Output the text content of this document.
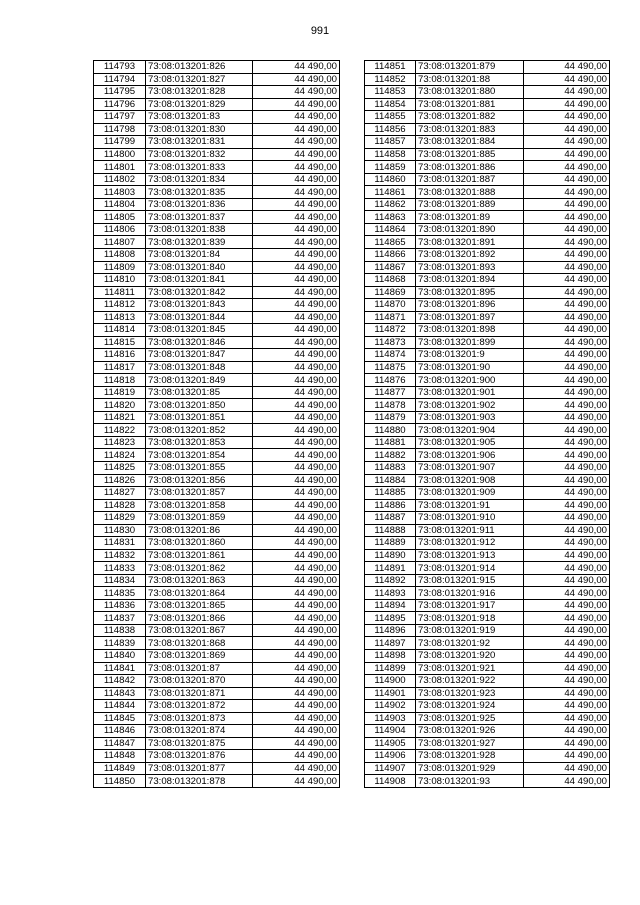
991
114793	73:08:013201:826	44 490,00
114794	73:08:013201:827	44 490,00
114795	73:08:013201:828	44 490,00
114796	73:08:013201:829	44 490,00
114797	73:08:013201:83	44 490,00
114798	73:08:013201:830	44 490,00
114799	73:08:013201:831	44 490,00
114800	73:08:013201:832	44 490,00
114801	73:08:013201:833	44 490,00
114802	73:08:013201:834	44 490,00
114803	73:08:013201:835	44 490,00
114804	73:08:013201:836	44 490,00
114805	73:08:013201:837	44 490,00
114806	73:08:013201:838	44 490,00
114807	73:08:013201:839	44 490,00
114808	73:08:013201:84	44 490,00
114809	73:08:013201:840	44 490,00
114810	73:08:013201:841	44 490,00
114811	73:08:013201:842	44 490,00
114812	73:08:013201:843	44 490,00
114813	73:08:013201:844	44 490,00
114814	73:08:013201:845	44 490,00
114815	73:08:013201:846	44 490,00
114816	73:08:013201:847	44 490,00
114817	73:08:013201:848	44 490,00
114818	73:08:013201:849	44 490,00
114819	73:08:013201:85	44 490,00
114820	73:08:013201:850	44 490,00
114821	73:08:013201:851	44 490,00
114822	73:08:013201:852	44 490,00
114823	73:08:013201:853	44 490,00
114824	73:08:013201:854	44 490,00
114825	73:08:013201:855	44 490,00
114826	73:08:013201:856	44 490,00
114827	73:08:013201:857	44 490,00
114828	73:08:013201:858	44 490,00
114829	73:08:013201:859	44 490,00
114830	73:08:013201:86	44 490,00
114831	73:08:013201:860	44 490,00
114832	73:08:013201:861	44 490,00
114833	73:08:013201:862	44 490,00
114834	73:08:013201:863	44 490,00
114835	73:08:013201:864	44 490,00
114836	73:08:013201:865	44 490,00
114837	73:08:013201:866	44 490,00
114838	73:08:013201:867	44 490,00
114839	73:08:013201:868	44 490,00
114840	73:08:013201:869	44 490,00
114841	73:08:013201:87	44 490,00
114842	73:08:013201:870	44 490,00
114843	73:08:013201:871	44 490,00
114844	73:08:013201:872	44 490,00
114845	73:08:013201:873	44 490,00
114846	73:08:013201:874	44 490,00
114847	73:08:013201:875	44 490,00
114848	73:08:013201:876	44 490,00
114849	73:08:013201:877	44 490,00
114850	73:08:013201:878	44 490,00
114851	73:08:013201:879	44 490,00
114852	73:08:013201:88	44 490,00
114853	73:08:013201:880	44 490,00
114854	73:08:013201:881	44 490,00
114855	73:08:013201:882	44 490,00
114856	73:08:013201:883	44 490,00
114857	73:08:013201:884	44 490,00
114858	73:08:013201:885	44 490,00
114859	73:08:013201:886	44 490,00
114860	73:08:013201:887	44 490,00
114861	73:08:013201:888	44 490,00
114862	73:08:013201:889	44 490,00
114863	73:08:013201:89	44 490,00
114864	73:08:013201:890	44 490,00
114865	73:08:013201:891	44 490,00
114866	73:08:013201:892	44 490,00
114867	73:08:013201:893	44 490,00
114868	73:08:013201:894	44 490,00
114869	73:08:013201:895	44 490,00
114870	73:08:013201:896	44 490,00
114871	73:08:013201:897	44 490,00
114872	73:08:013201:898	44 490,00
114873	73:08:013201:899	44 490,00
114874	73:08:013201:9	44 490,00
114875	73:08:013201:90	44 490,00
114876	73:08:013201:900	44 490,00
114877	73:08:013201:901	44 490,00
114878	73:08:013201:902	44 490,00
114879	73:08:013201:903	44 490,00
114880	73:08:013201:904	44 490,00
114881	73:08:013201:905	44 490,00
114882	73:08:013201:906	44 490,00
114883	73:08:013201:907	44 490,00
114884	73:08:013201:908	44 490,00
114885	73:08:013201:909	44 490,00
114886	73:08:013201:91	44 490,00
114887	73:08:013201:910	44 490,00
114888	73:08:013201:911	44 490,00
114889	73:08:013201:912	44 490,00
114890	73:08:013201:913	44 490,00
114891	73:08:013201:914	44 490,00
114892	73:08:013201:915	44 490,00
114893	73:08:013201:916	44 490,00
114894	73:08:013201:917	44 490,00
114895	73:08:013201:918	44 490,00
114896	73:08:013201:919	44 490,00
114897	73:08:013201:92	44 490,00
114898	73:08:013201:920	44 490,00
114899	73:08:013201:921	44 490,00
114900	73:08:013201:922	44 490,00
114901	73:08:013201:923	44 490,00
114902	73:08:013201:924	44 490,00
114903	73:08:013201:925	44 490,00
114904	73:08:013201:926	44 490,00
114905	73:08:013201:927	44 490,00
114906	73:08:013201:928	44 490,00
114907	73:08:013201:929	44 490,00
114908	73:08:013201:93	44 490,00
